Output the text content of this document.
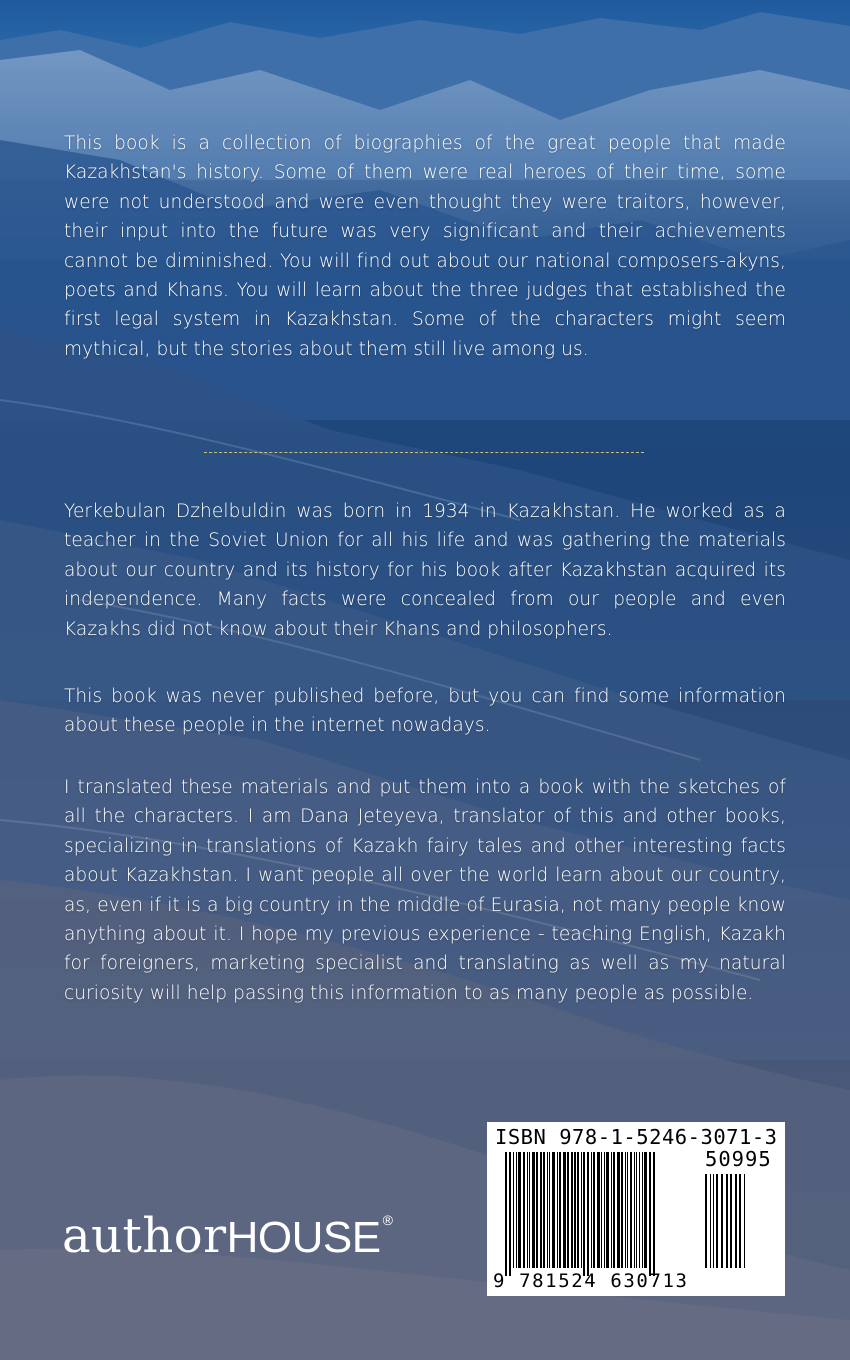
This book is a collection of biographies of the great people that made Kazakhstan's history. Some of them were real heroes of their time, some were not understood and were even thought they were traitors, however, their input into the future was very significant and their achievements cannot be diminished. You will find out about our national composers-akyns, poets and Khans. You will learn about the three judges that established the first legal system in Kazakhstan. Some of the characters might seem mythical, but the stories about them still live among us.
Yerkebulan Dzhelbuldin was born in 1934 in Kazakhstan. He worked as a teacher in the Soviet Union for all his life and was gathering the materials about our country and its history for his book after Kazakhstan acquired its independence. Many facts were concealed from our people and even Kazakhs did not know about their Khans and philosophers.
This book was never published before, but you can find some information about these people in the internet nowadays.
I translated these materials and put them into a book with the sketches of all the characters. I am Dana Jeteyeva, translator of this and other books, specializing in translations of Kazakh fairy tales and other interesting facts about Kazakhstan. I want people all over the world learn about our country, as, even if it is a big country in the middle of Eurasia, not many people know anything about it. I hope my previous experience - teaching English, Kazakh for foreigners, marketing specialist and translating as well as my natural curiosity will help passing this information to as many people as possible.
author HOUSE ®
ISBN 978-1-5246-3071-3
50995
9 781524 630713
